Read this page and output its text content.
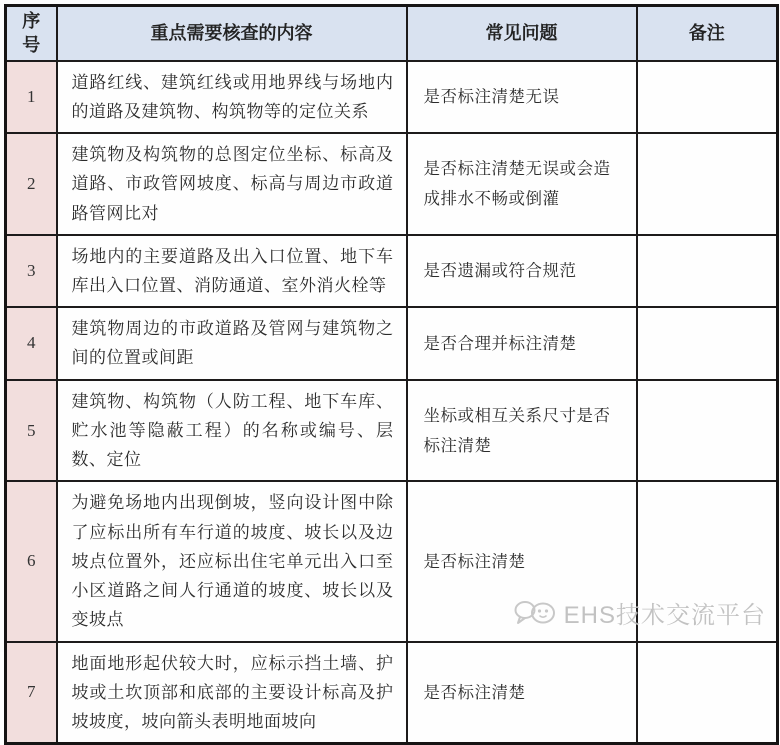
序号	重点需要核查的内容	常见问题	备注
1	道路红线、建筑红线或用地界线与场地内的道路及建筑物、构筑物等的定位关系	是否标注清楚无误	
2	建筑物及构筑物的总图定位坐标、标高及道路、市政管网坡度、标高与周边市政道路管网比对	是否标注清楚无误或会造成排水不畅或倒灌	
3	场地内的主要道路及出入口位置、地下车库出入口位置、消防通道、室外消火栓等	是否遗漏或符合规范	
4	建筑物周边的市政道路及管网与建筑物之间的位置或间距	是否合理并标注清楚	
5	建筑物、构筑物（人防工程、地下车库、贮水池等隐蔽工程）的名称或编号、层数、定位	坐标或相互关系尺寸是否标注清楚	
6	为避免场地内出现倒坡，竖向设计图中除了应标出所有车行道的坡度、坡长以及边坡点位置外，还应标出住宅单元出入口至小区道路之间人行通道的坡度、坡长以及变坡点	是否标注清楚	
7	地面地形起伏较大时，应标示挡土墙、护坡或土坎顶部和底部的主要设计标高及护坡坡度，坡向箭头表明地面坡向	是否标注清楚	
EHS技术交流平台
